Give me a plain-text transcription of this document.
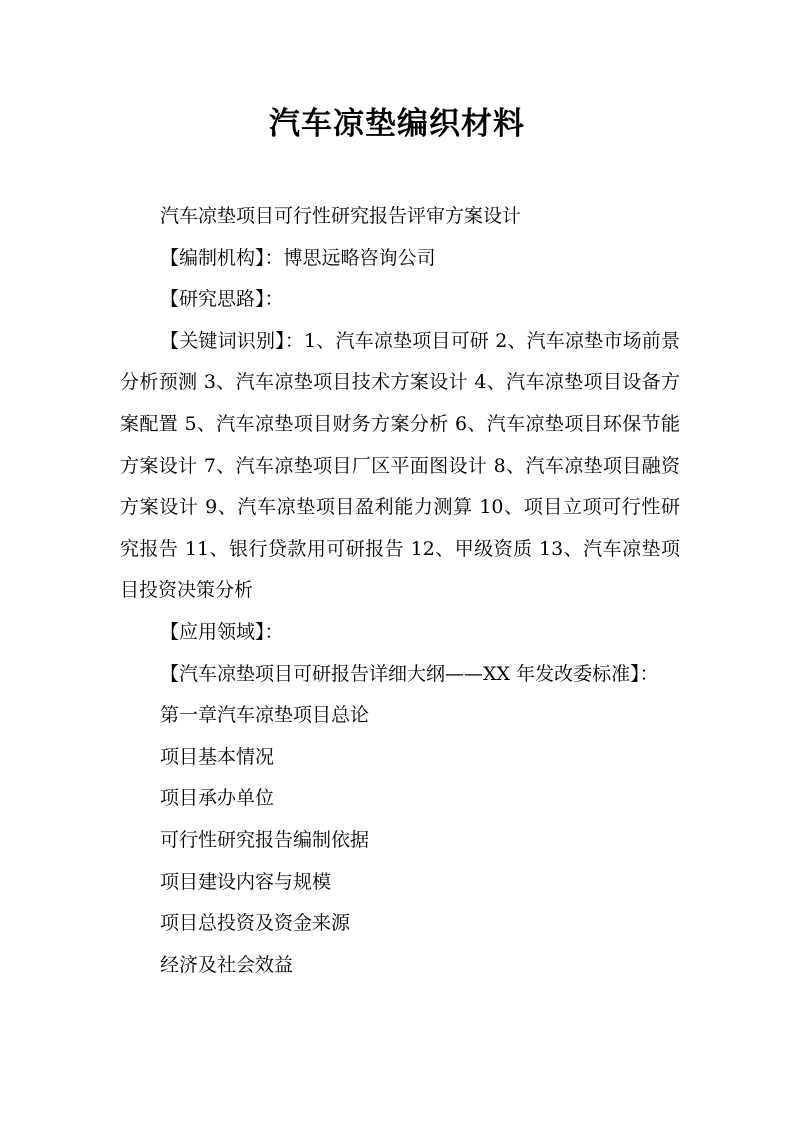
汽车凉垫编织材料

汽车凉垫项目可行性研究报告评审方案设计

【编制机构】：博思远略咨询公司

【研究思路】：

【关键词识别】：1、汽车凉垫项目可研 2、汽车凉垫市场前景分析预测 3、汽车凉垫项目技术方案设计 4、汽车凉垫项目设备方案配置 5、汽车凉垫项目财务方案分析 6、汽车凉垫项目环保节能方案设计 7、汽车凉垫项目厂区平面图设计 8、汽车凉垫项目融资方案设计 9、汽车凉垫项目盈利能力测算 10、项目立项可行性研究报告 11、银行贷款用可研报告 12、甲级资质 13、汽车凉垫项目投资决策分析

【应用领域】：

【汽车凉垫项目可研报告详细大纲——XX 年发改委标准】：

第一章汽车凉垫项目总论

项目基本情况

项目承办单位

可行性研究报告编制依据

项目建设内容与规模

项目总投资及资金来源

经济及社会效益
